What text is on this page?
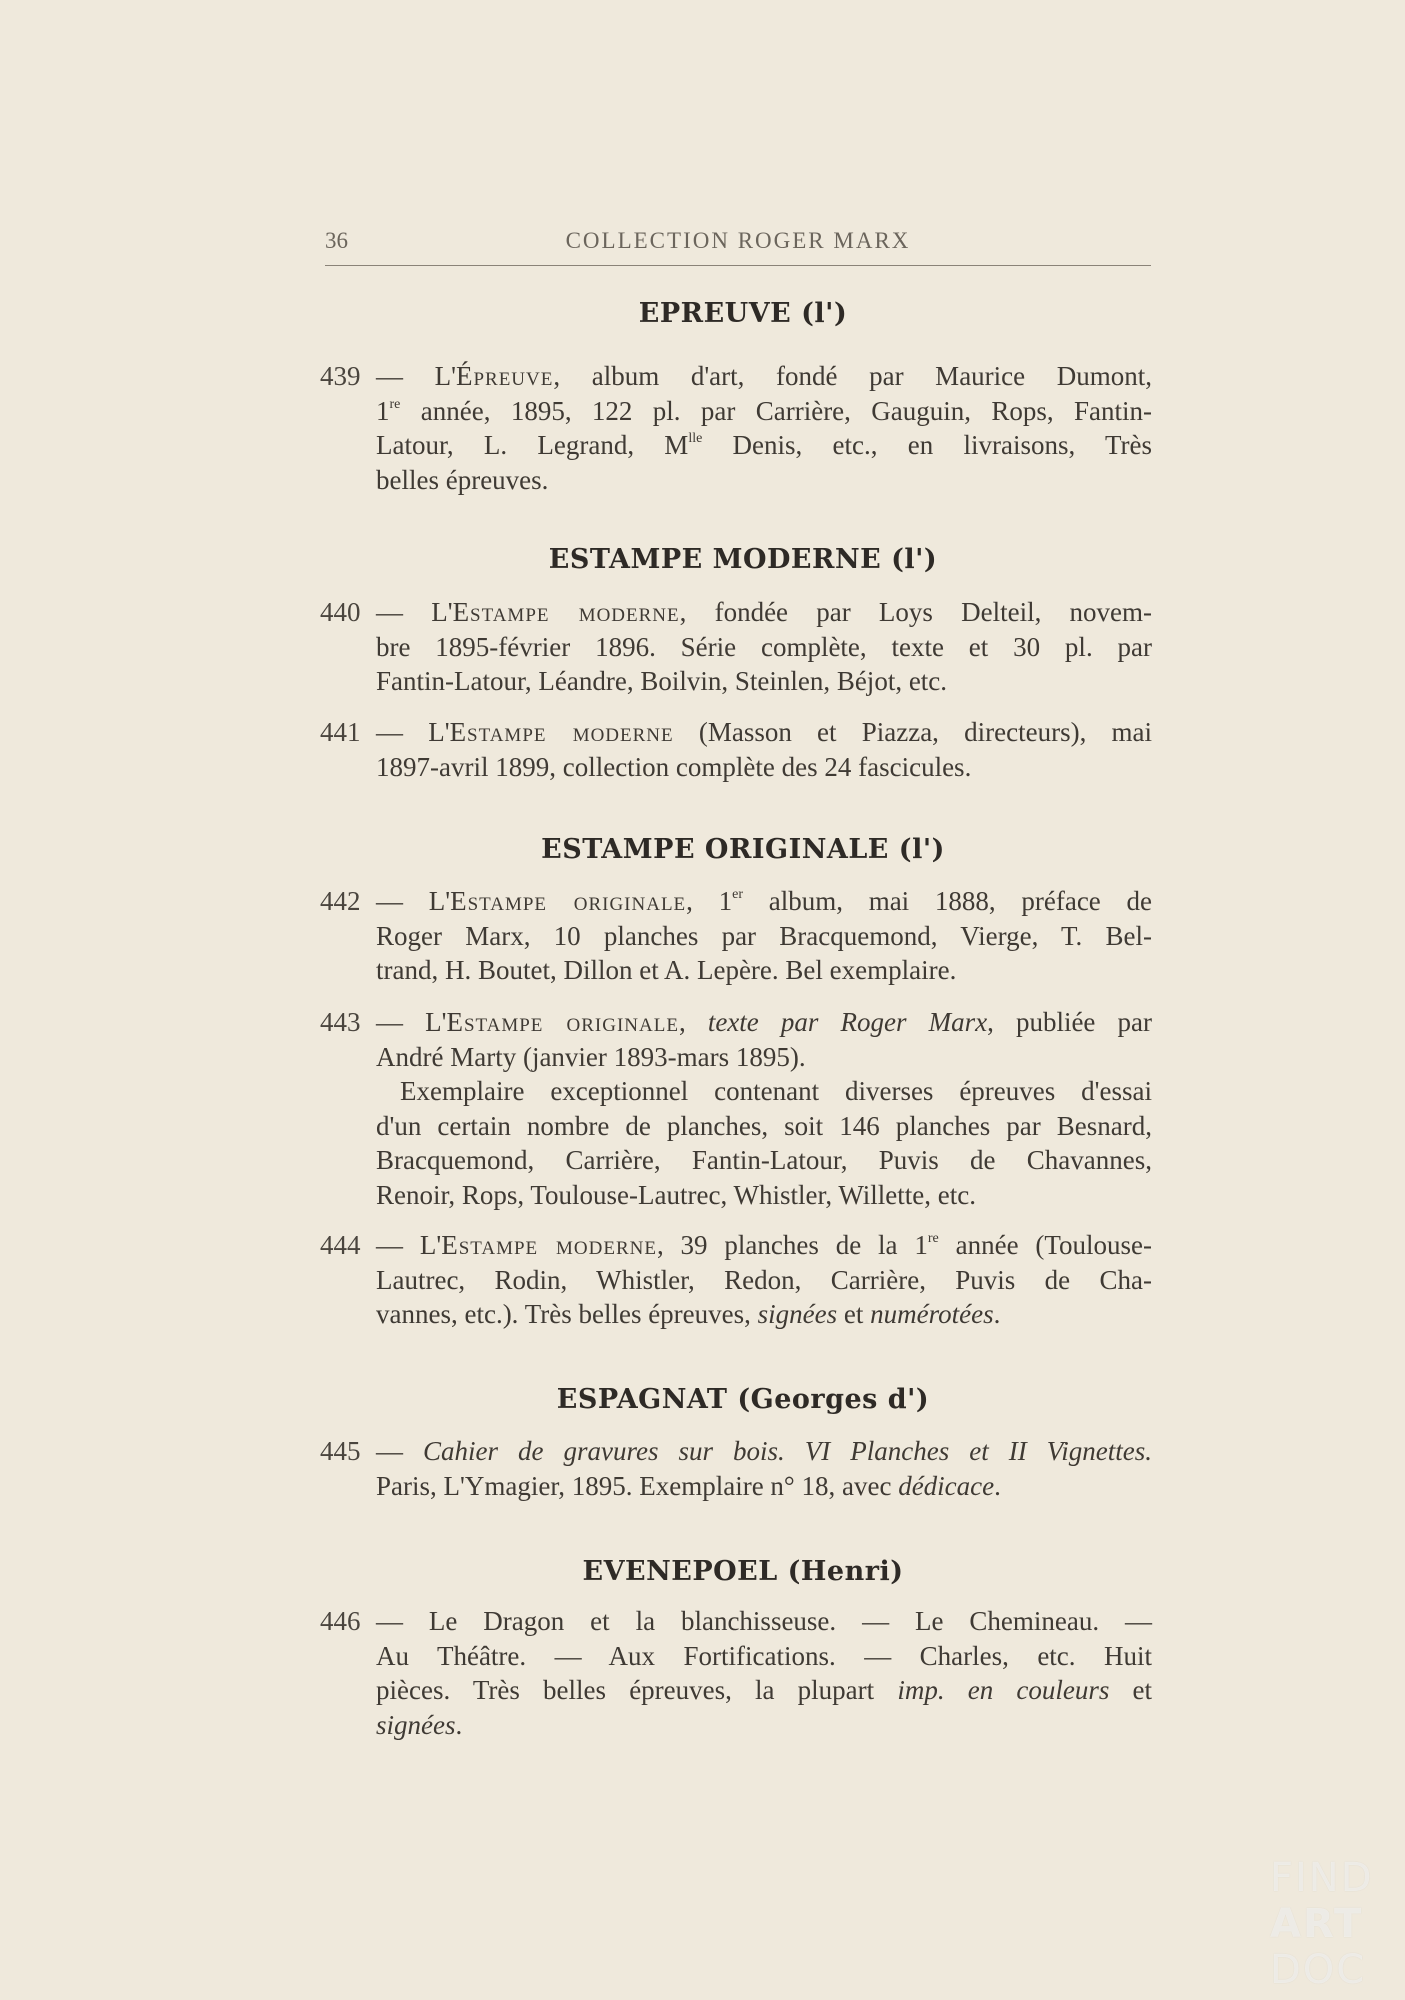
36	COLLECTION ROGER MARX
EPREUVE (l')
439 — L'Épreuve, album d'art, fondé par Maurice Dumont,
1re année, 1895, 122 pl. par Carrière, Gauguin, Rops, Fantin-
Latour, L. Legrand, $M^{lle}$ Denis, etc., en livraisons, Très
belles épreuves.
ESTAMPE MODERNE (l')
440 — L'Estampe moderne, fondée par Loys Delteil, novem-
bre 1895-février 1896. Série complète, texte et 30 pl. par
Fantin-Latour, Léandre, Boilvin, Steinlen, Béjot, etc.
441 — L'Estampe moderne (Masson et Piazza, directeurs), mai
1897-avril 1899, collection complète des 24 fascicules.
ESTAMPE ORIGINALE (l')
442 — L'Estampe originale, 1er album, mai 1888, préface de
Roger Marx, 10 planches par Bracquemond, Vierge, T. Bel-
trand, H. Boutet, Dillon et A. Lepère. Bel exemplaire.
443 — L'Estampe originale, texte par Roger Marx, publiée par
André Marty (janvier 1893-mars 1895).
Exemplaire exceptionnel contenant diverses épreuves d'essai
d'un certain nombre de planches, soit 146 planches par Besnard,
Bracquemond, Carrière, Fantin-Latour, Puvis de Chavannes,
Renoir, Rops, Toulouse-Lautrec, Whistler, Willette, etc.
444 — L'Estampe moderne, 39 planches de la 1re année (Toulouse-
Lautrec, Rodin, Whistler, Redon, Carrière, Puvis de Cha-
vannes, etc.). Très belles épreuves, signées et numérotées.
ESPAGNAT (Georges d')
445 — Cahier de gravures sur bois. VI Planches et II Vignettes.
Paris, L'Ymagier, 1895. Exemplaire n° 18, avec dédicace.
EVENEPOEL (Henri)
446 — Le Dragon et la blanchisseuse. — Le Chemineau. —
Au Théâtre. — Aux Fortifications. — Charles, etc. Huit
pièces. Très belles épreuves, la plupart imp. en couleurs et
signées.
FIND
ART
DOC
